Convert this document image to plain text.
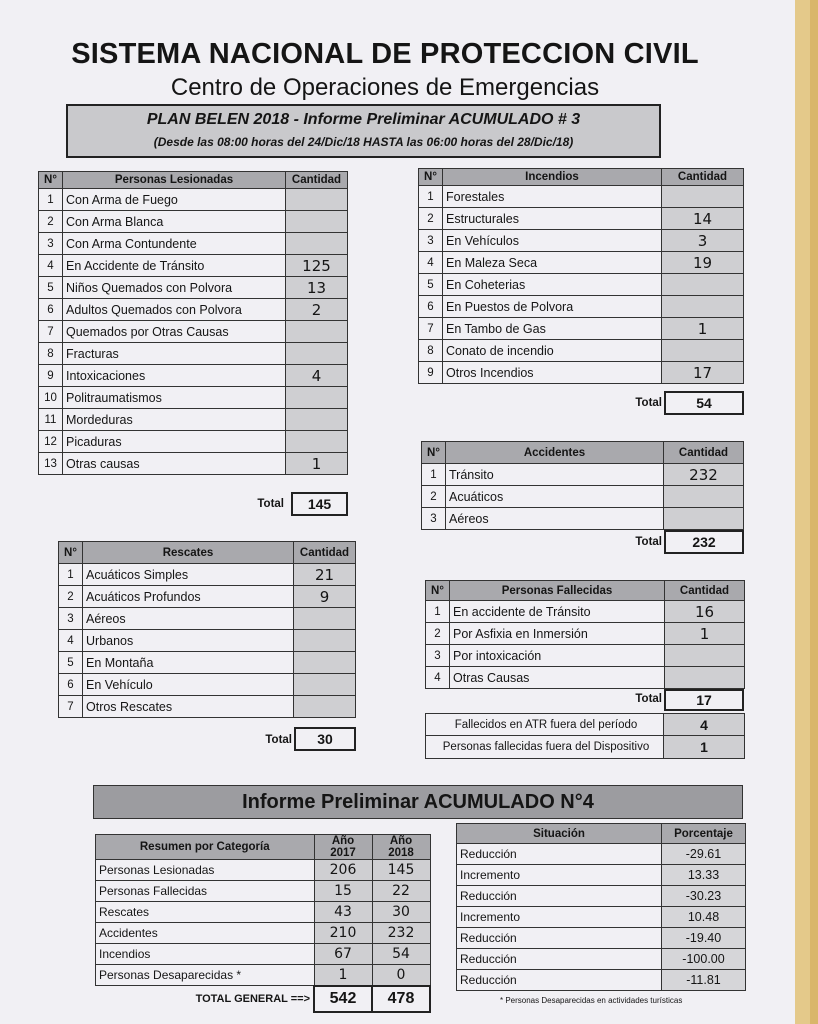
SISTEMA NACIONAL DE PROTECCION CIVIL
Centro de Operaciones de Emergencias
PLAN BELEN 2018 - Informe Preliminar ACUMULADO # 3
(Desde las 08:00 horas del 24/Dic/18 HASTA las 06:00 horas del 28/Dic/18)
N°	Personas Lesionadas	Cantidad
1	Con Arma de Fuego	
2	Con Arma Blanca	
3	Con Arma Contundente	
4	En Accidente de Tránsito	125
5	Niños Quemados con Polvora	13
6	Adultos Quemados con Polvora	2
7	Quemados por Otras Causas	
8	Fracturas	
9	Intoxicaciones	4
10	Politraumatismos	
11	Mordeduras	
12	Picaduras	
13	Otras causas	1
Total	145
N°	Incendios	Cantidad
1	Forestales	
2	Estructurales	14
3	En Vehículos	3
4	En Maleza Seca	19
5	En Coheterias	
6	En Puestos de Polvora	
7	En Tambo de Gas	1
8	Conato de incendio	
9	Otros Incendios	17
Total	54
N°	Accidentes	Cantidad
1	Tránsito	232
2	Acuáticos	
3	Aéreos	
Total	232
N°	Rescates	Cantidad
1	Acuáticos Simples	21
2	Acuáticos Profundos	9
3	Aéreos	
4	Urbanos	
5	En Montaña	
6	En Vehículo	
7	Otros Rescates	
Total	30
N°	Personas Fallecidas	Cantidad
1	En accidente de Tránsito	16
2	Por Asfixia en Inmersión	1
3	Por intoxicación	
4	Otras Causas	
Total	17
Fallecidos en ATR fuera del período	4
Personas fallecidas fuera del Dispositivo	1
Informe Preliminar ACUMULADO N°4
Resumen por Categoría	Año 2017	Año 2018
Personas Lesionadas	206	145
Personas Fallecidas	15	22
Rescates	43	30
Accidentes	210	232
Incendios	67	54
Personas Desaparecidas *	1	0
TOTAL GENERAL ==>	542	478
Situación	Porcentaje
Reducción	-29.61
Incremento	13.33
Reducción	-30.23
Incremento	10.48
Reducción	-19.40
Reducción	-100.00
Reducción	-11.81
* Personas Desaparecidas en actividades turísticas
